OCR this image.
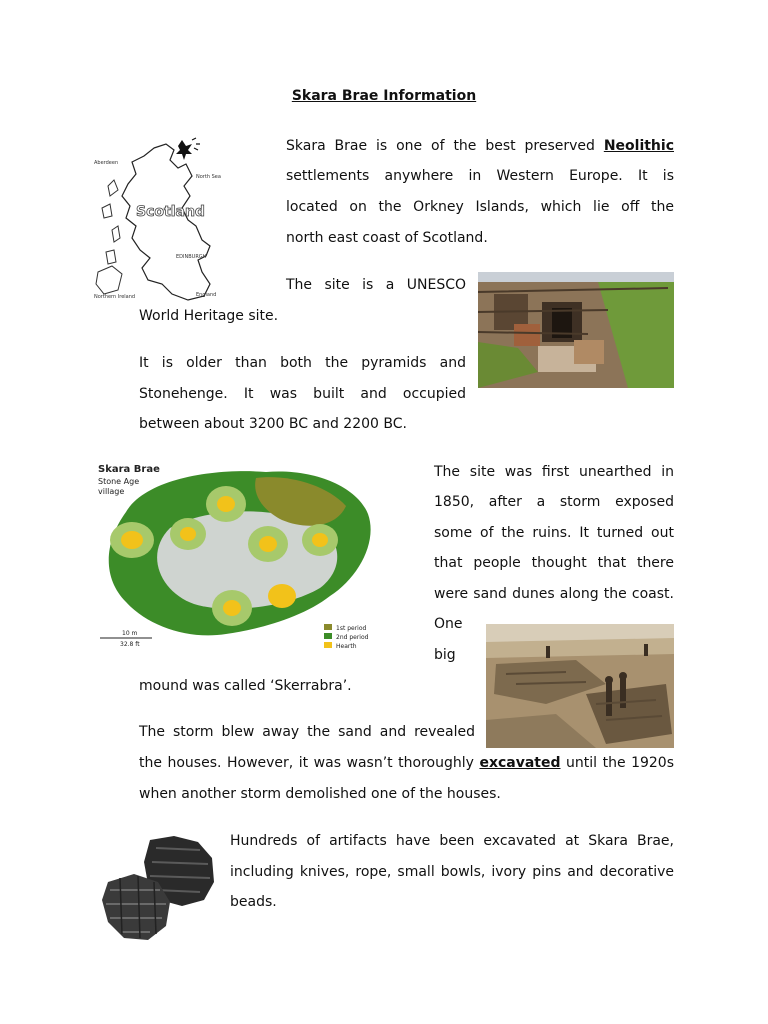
Skara Brae Information
Scotland
Aberdeen
North Sea
EDINBURGH
England
Northern Ireland
Skara Brae is one of the best preserved Neolithic
settlements anywhere in Western Europe. It is
located on the Orkney Islands, which lie off the
north east coast of Scotland.
The site is a UNESCO
World Heritage site.
It is older than both the pyramids and
Stonehenge. It was built and occupied
between about 3200 BC and 2200 BC.
Skara Brae
Stone Age
village
10 m
32.8 ft
1st period
2nd period
Hearth
The site was first unearthed in
1850, after a storm exposed
some of the ruins. It turned out
that people thought that there
were sand dunes along the coast.
One
big
mound was called ‘Skerrabra’.
The storm blew away the sand and revealed
the houses. However, it was wasn’t thoroughly excavated until the 1920s
when another storm demolished one of the houses.
Hundreds of artifacts have been excavated at Skara Brae,
including knives, rope, small bowls, ivory pins and decorative
beads.
